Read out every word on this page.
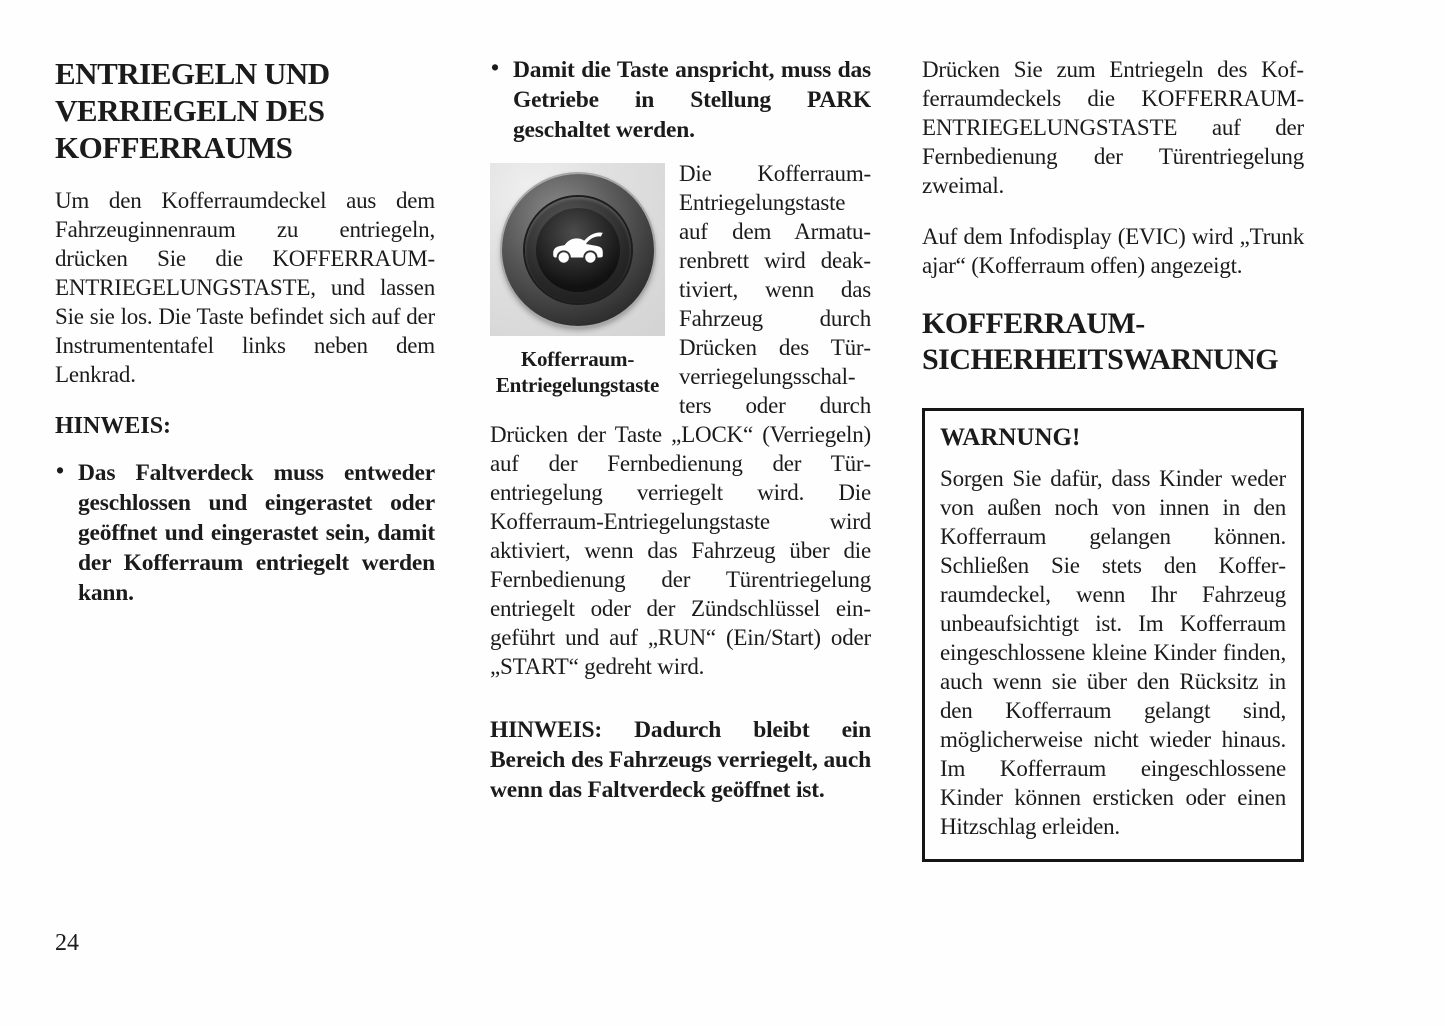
ENTRIEGELN UND VERRIEGELN DES KOFFERRAUMS

Um den Kofferraumdeckel aus dem Fahrzeuginnenraum zu entriegeln, drücken Sie die KOFFERRAUM-ENTRIEGELUNGSTASTE, und lassen Sie sie los. Die Taste befindet sich auf der Instrumententafel links neben dem Lenkrad.

HINWEIS:

• Das Faltverdeck muss entweder geschlossen und eingerastet oder geöffnet und eingerastet sein, damit der Kofferraum entriegelt werden kann.

• Damit die Taste anspricht, muss das Getriebe in Stellung PARK geschaltet werden.

Kofferraum-Entriegelungstaste

Die Kofferraum-Entriegelungstaste auf dem Armaturenbrett wird deaktiviert, wenn das Fahrzeug durch Drücken des Türverriegelungsschalters oder durch Drücken der Taste „LOCK“ (Verriegeln) auf der Fernbedienung der Türentriegelung verriegelt wird. Die Kofferraum-Entriegelungstaste wird aktiviert, wenn das Fahrzeug über die Fernbedienung der Türentriegelung entriegelt oder der Zündschlüssel eingeführt und auf „RUN“ (Ein/Start) oder „START“ gedreht wird.

HINWEIS: Dadurch bleibt ein Bereich des Fahrzeugs verriegelt, auch wenn das Faltverdeck geöffnet ist.

Drücken Sie zum Entriegeln des Kofferraumdeckels die KOFFERRAUM-ENTRIEGELUNGSTASTE auf der Fernbedienung der Türentriegelung zweimal.

Auf dem Infodisplay (EVIC) wird „Trunk ajar“ (Kofferraum offen) angezeigt.

KOFFERRAUM-SICHERHEITSWARNUNG

WARNUNG!

Sorgen Sie dafür, dass Kinder weder von außen noch von innen in den Kofferraum gelangen können. Schließen Sie stets den Kofferraumdeckel, wenn Ihr Fahrzeug unbeaufsichtigt ist. Im Kofferraum eingeschlossene kleine Kinder finden, auch wenn sie über den Rücksitz in den Kofferraum gelangt sind, möglicherweise nicht wieder hinaus. Im Kofferraum eingeschlossene Kinder können ersticken oder einen Hitzschlag erleiden.

24
